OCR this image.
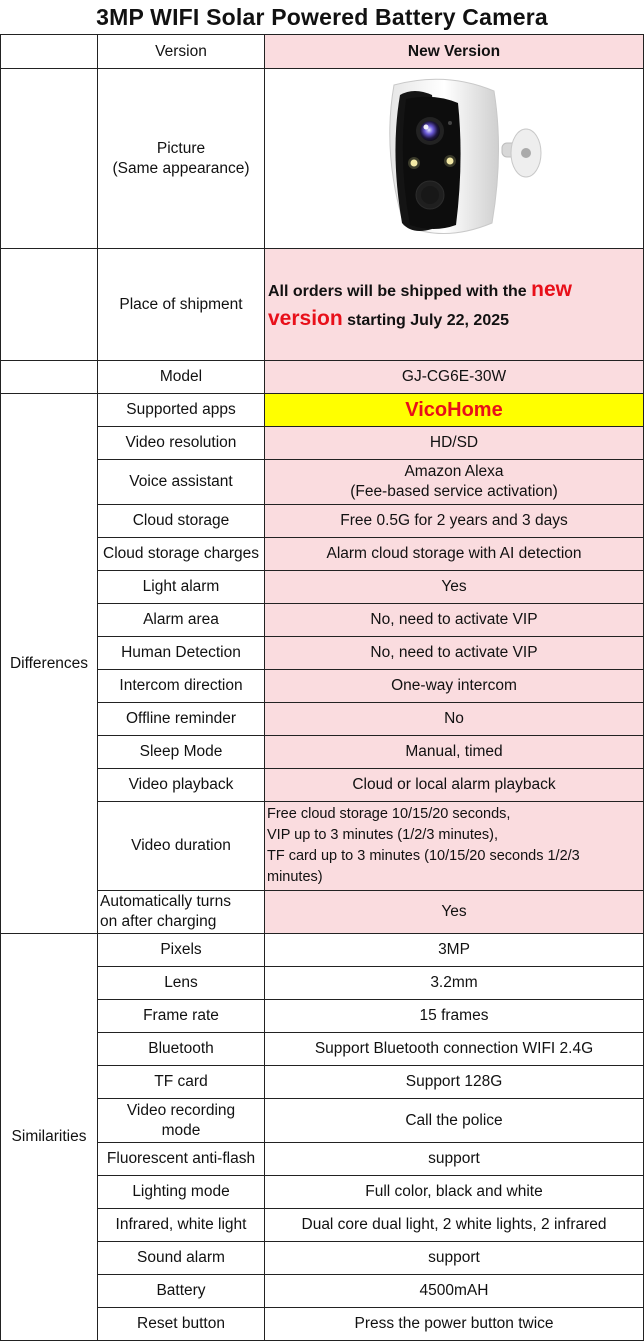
3MP WIFI Solar Powered Battery Camera
	Version	New Version

	Picture
(Same appearance)

	Place of shipment	All orders will be shipped with the new
version starting July 22, 2025
	Model	GJ-CG6E-30W
Differences	Supported apps	VicoHome
	Video resolution	HD/SD
	Voice assistant	Amazon Alexa
(Fee-based service activation)

	Cloud storage	Free 0.5G for 2 years and 3 days
	Cloud storage charges	Alarm cloud storage with AI detection
	Light alarm	Yes
	Alarm area	No, need to activate VIP
	Human Detection	No, need to activate VIP
	Intercom direction	One-way intercom
	Offline reminder	No
	Sleep Mode	Manual, timed
	Video playback	Cloud or local alarm playback
	Video duration	Free cloud storage 10/15/20 seconds,
VIP up to 3 minutes (1/2/3 minutes),
TF card up to 3 minutes (10/15/20 seconds 1/2/3
minutes)

	Automatically turns
on after charging	Yes
Similarities	Pixels	3MP
	Lens	3.2mm
	Frame rate	15 frames
	Bluetooth	Support Bluetooth connection WIFI 2.4G
	TF card	Support 128G

	Video recording
mode	Call the police
	Fluorescent anti-flash	support
	Lighting mode	Full color, black and white
	Infrared, white light	Dual core dual light, 2 white lights, 2 infrared
	Sound alarm	support
	Battery	4500mAH
	Reset button	Press the power button twice
